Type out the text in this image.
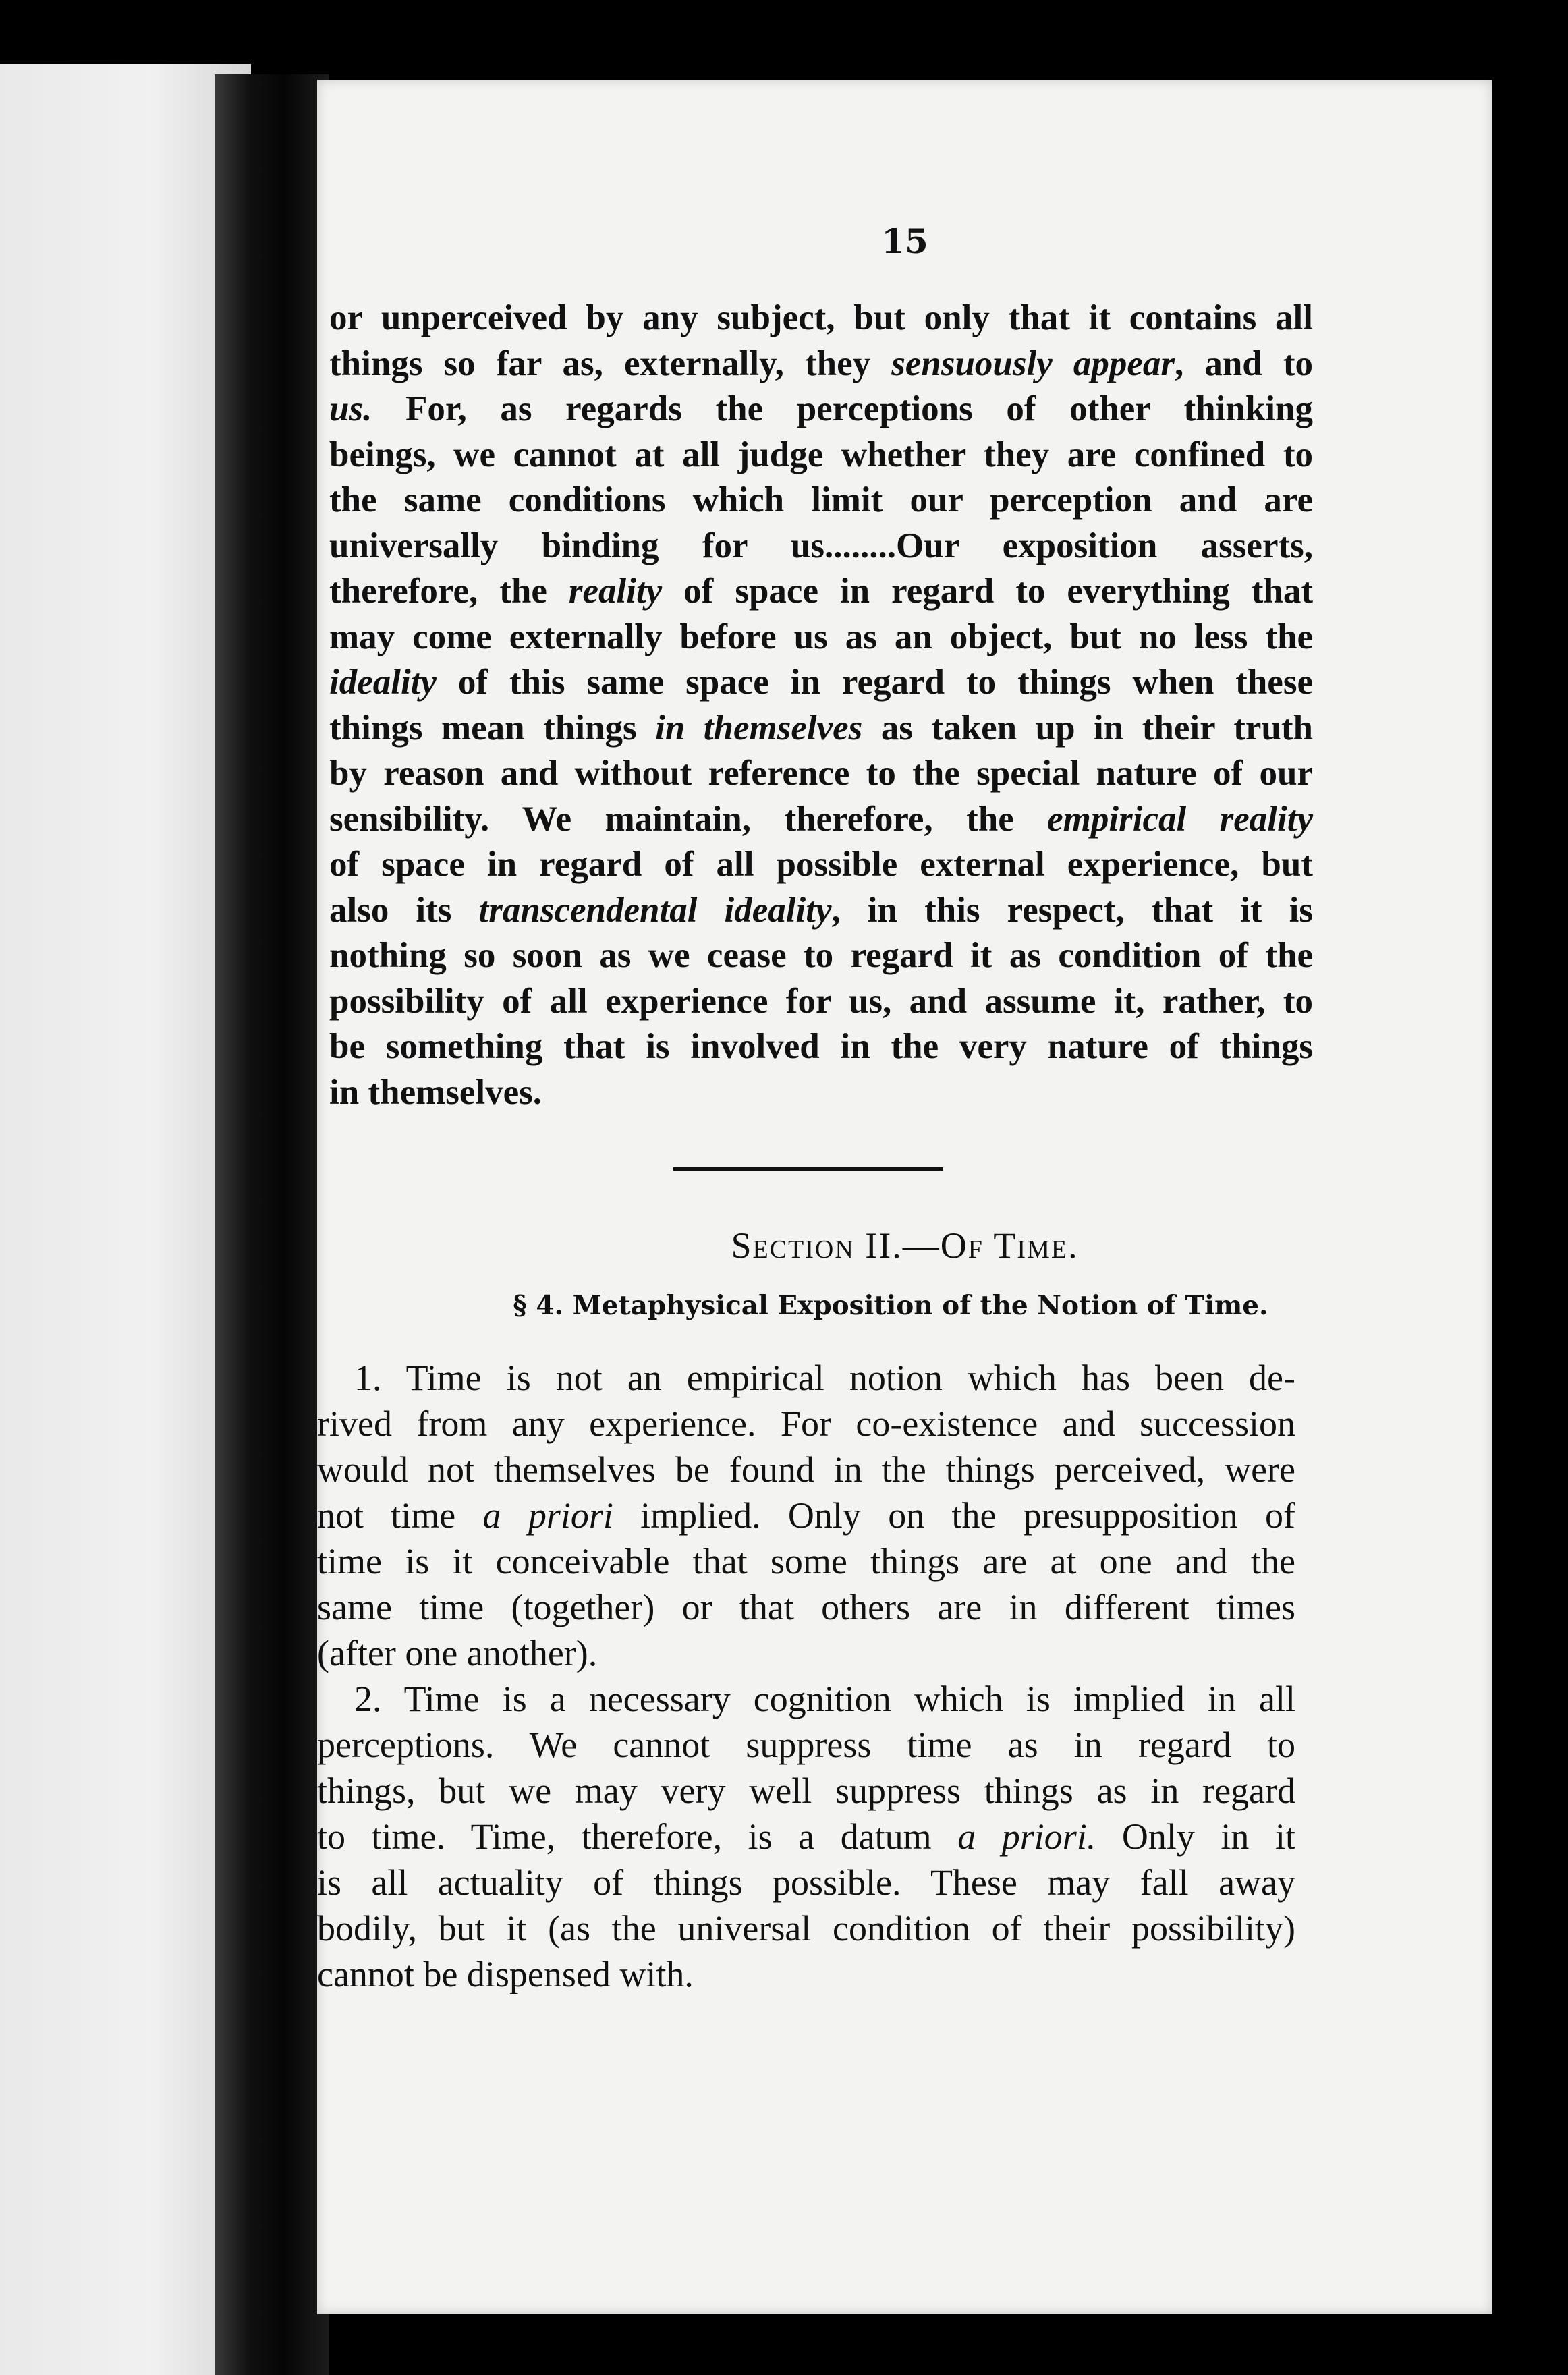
15
or unperceived by any subject, but only that it contains all
things so far as, externally, they sensuously appear, and to
us. For, as regards the perceptions of other thinking
beings, we cannot at all judge whether they are confined to
the same conditions which limit our perception and are
universally binding for us........Our exposition asserts,
therefore, the reality of space in regard to everything that
may come externally before us as an object, but no less the
ideality of this same space in regard to things when these
things mean things in themselves as taken up in their truth
by reason and without reference to the special nature of our
sensibility. We maintain, therefore, the empirical reality
of space in regard of all possible external experience, but
also its transcendental ideality, in this respect, that it is
nothing so soon as we cease to regard it as condition of the
possibility of all experience for us, and assume it, rather, to
be something that is involved in the very nature of things
in themselves.
Section II.—Of Time.
§ 4. Metaphysical Exposition of the Notion of Time.
1. Time is not an empirical notion which has been de-
rived from any experience. For co-existence and succession
would not themselves be found in the things perceived, were
not time a priori implied. Only on the presupposition of
time is it conceivable that some things are at one and the
same time (together) or that others are in different times
(after one another).
2. Time is a necessary cognition which is implied in all
perceptions. We cannot suppress time as in regard to
things, but we may very well suppress things as in regard
to time. Time, therefore, is a datum a priori. Only in it
is all actuality of things possible. These may fall away
bodily, but it (as the universal condition of their possibility)
cannot be dispensed with.
